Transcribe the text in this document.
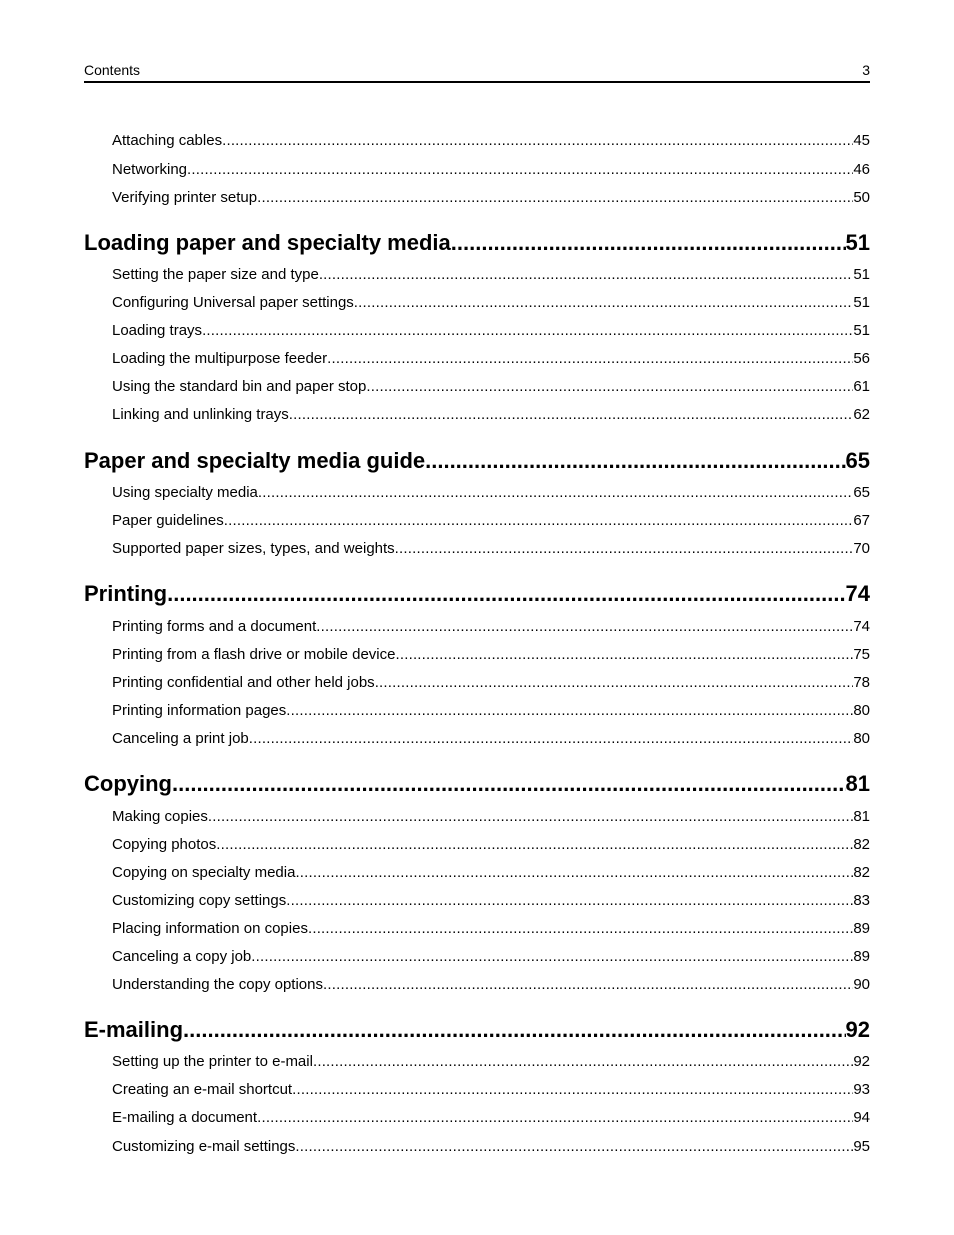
Contents	3
Attaching cables .....	45
Networking .....	46
Verifying printer setup .....	50
Loading paper and specialty media .....	51
Setting the paper size and type .....	51
Configuring Universal paper settings .....	51
Loading trays .....	51
Loading the multipurpose feeder .....	56
Using the standard bin and paper stop .....	61
Linking and unlinking trays .....	62
Paper and specialty media guide .....	65
Using specialty media .....	65
Paper guidelines .....	67
Supported paper sizes, types, and weights .....	70
Printing .....	74
Printing forms and a document .....	74
Printing from a flash drive or mobile device .....	75
Printing confidential and other held jobs .....	78
Printing information pages .....	80
Canceling a print job .....	80
Copying .....	81
Making copies .....	81
Copying photos .....	82
Copying on specialty media .....	82
Customizing copy settings .....	83
Placing information on copies .....	89
Canceling a copy job .....	89
Understanding the copy options .....	90
E-mailing .....	92
Setting up the printer to e-mail .....	92
Creating an e-mail shortcut .....	93
E-mailing a document .....	94
Customizing e-mail settings .....	95
